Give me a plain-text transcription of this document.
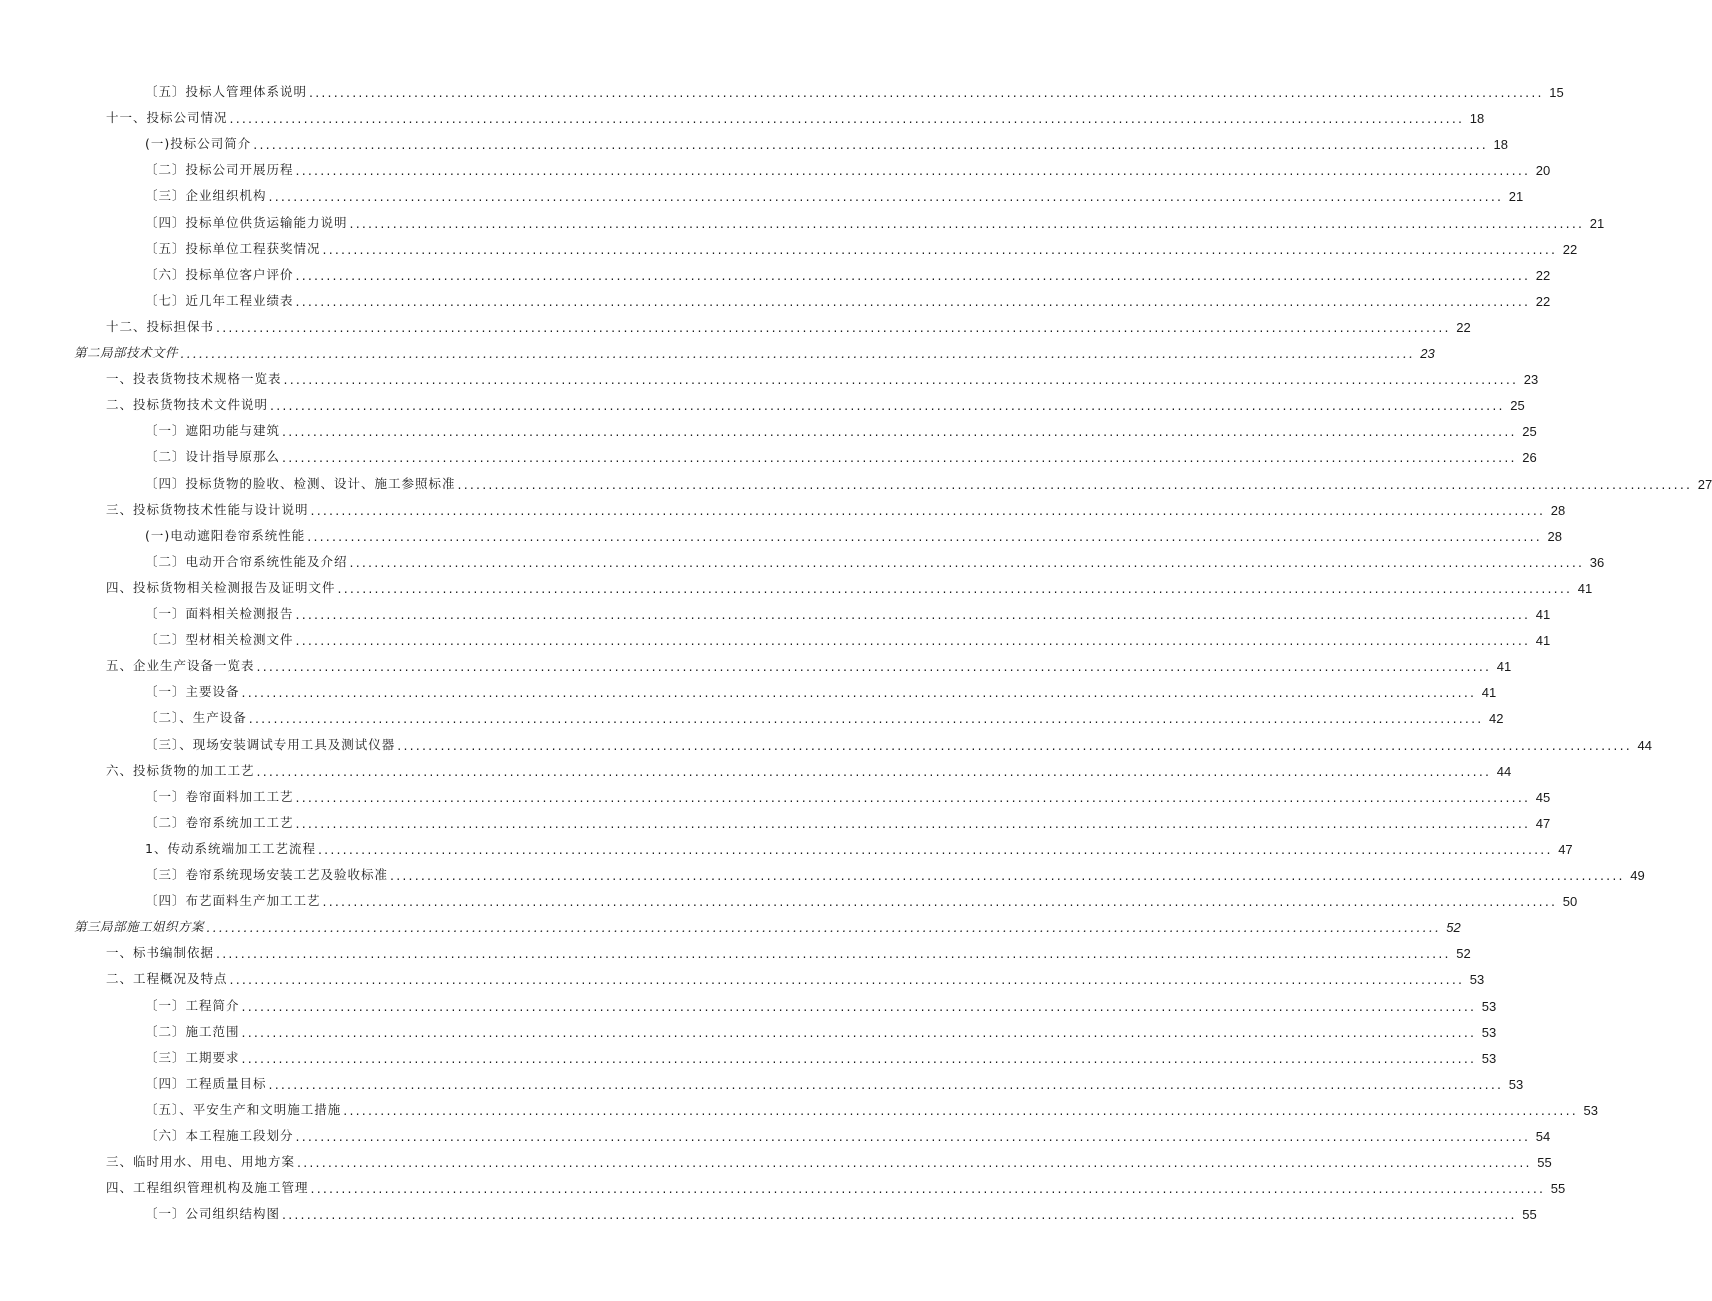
〔五〕投标人管理体系说明 ........................................................................................................................................................................................................ 15
十一、投标公司情况 ........................................................................................................................................................................................................ 18
(一)投标公司简介 ........................................................................................................................................................................................................ 18
〔二〕投标公司开展历程 ........................................................................................................................................................................................................ 20
〔三〕企业组织机构 ........................................................................................................................................................................................................ 21
〔四〕投标单位供货运输能力说明 ........................................................................................................................................................................................................ 21
〔五〕投标单位工程获奖情况 ........................................................................................................................................................................................................ 22
〔六〕投标单位客户评价 ........................................................................................................................................................................................................ 22
〔七〕近几年工程业绩表 ........................................................................................................................................................................................................ 22
十二、投标担保书 ........................................................................................................................................................................................................ 22
第二局部技术文件 ........................................................................................................................................................................................................ 23
一、投表货物技术规格一览表 ........................................................................................................................................................................................................ 23
二、投标货物技术文件说明 ........................................................................................................................................................................................................ 25
〔一〕遮阳功能与建筑 ........................................................................................................................................................................................................ 25
〔二〕设计指导原那么 ........................................................................................................................................................................................................ 26
〔四〕投标货物的脸收、检测、设计、施工参照标准 ........................................................................................................................................................................................................ 27
三、投标货物技术性能与设计说明 ........................................................................................................................................................................................................ 28
(一)电动遮阳卷帘系统性能 ........................................................................................................................................................................................................ 28
〔二〕电动开合帘系统性能及介绍 ........................................................................................................................................................................................................ 36
四、投标货物相关检测报告及证明文件 ........................................................................................................................................................................................................ 41
〔一〕面料相关检测报告 ........................................................................................................................................................................................................ 41
〔二〕型材相关检测文件 ........................................................................................................................................................................................................ 41
五、企业生产设备一览表 ........................................................................................................................................................................................................ 41
〔一〕主要设备 ........................................................................................................................................................................................................ 41
〔二〕、生产设备 ........................................................................................................................................................................................................ 42
〔三〕、现场安装调试专用工具及测试仪器 ........................................................................................................................................................................................................ 44
六、投标货物的加工工艺 ........................................................................................................................................................................................................ 44
〔一〕卷帘面料加工工艺 ........................................................................................................................................................................................................ 45
〔二〕卷帘系统加工工艺 ........................................................................................................................................................................................................ 47
1、传动系统端加工工艺流程 ........................................................................................................................................................................................................ 47
〔三〕卷帘系统现场安装工艺及验收标准 ........................................................................................................................................................................................................ 49
〔四〕布艺面料生产加工工艺 ........................................................................................................................................................................................................ 50
第三局部施工姐织方案 ........................................................................................................................................................................................................ 52
一、标书编制依据 ........................................................................................................................................................................................................ 52
二、工程概况及特点 ........................................................................................................................................................................................................ 53
〔一〕工程简介 ........................................................................................................................................................................................................ 53
〔二〕施工范围 ........................................................................................................................................................................................................ 53
〔三〕工期要求 ........................................................................................................................................................................................................ 53
〔四〕工程质量目标 ........................................................................................................................................................................................................ 53
〔五〕、平安生产和文明施工措施 ........................................................................................................................................................................................................ 53
〔六〕本工程施工段划分 ........................................................................................................................................................................................................ 54
三、临时用水、用电、用地方案 ........................................................................................................................................................................................................ 55
四、工程组织管理机构及施工管理 ........................................................................................................................................................................................................ 55
〔一〕公司组织结构图 ........................................................................................................................................................................................................ 55
